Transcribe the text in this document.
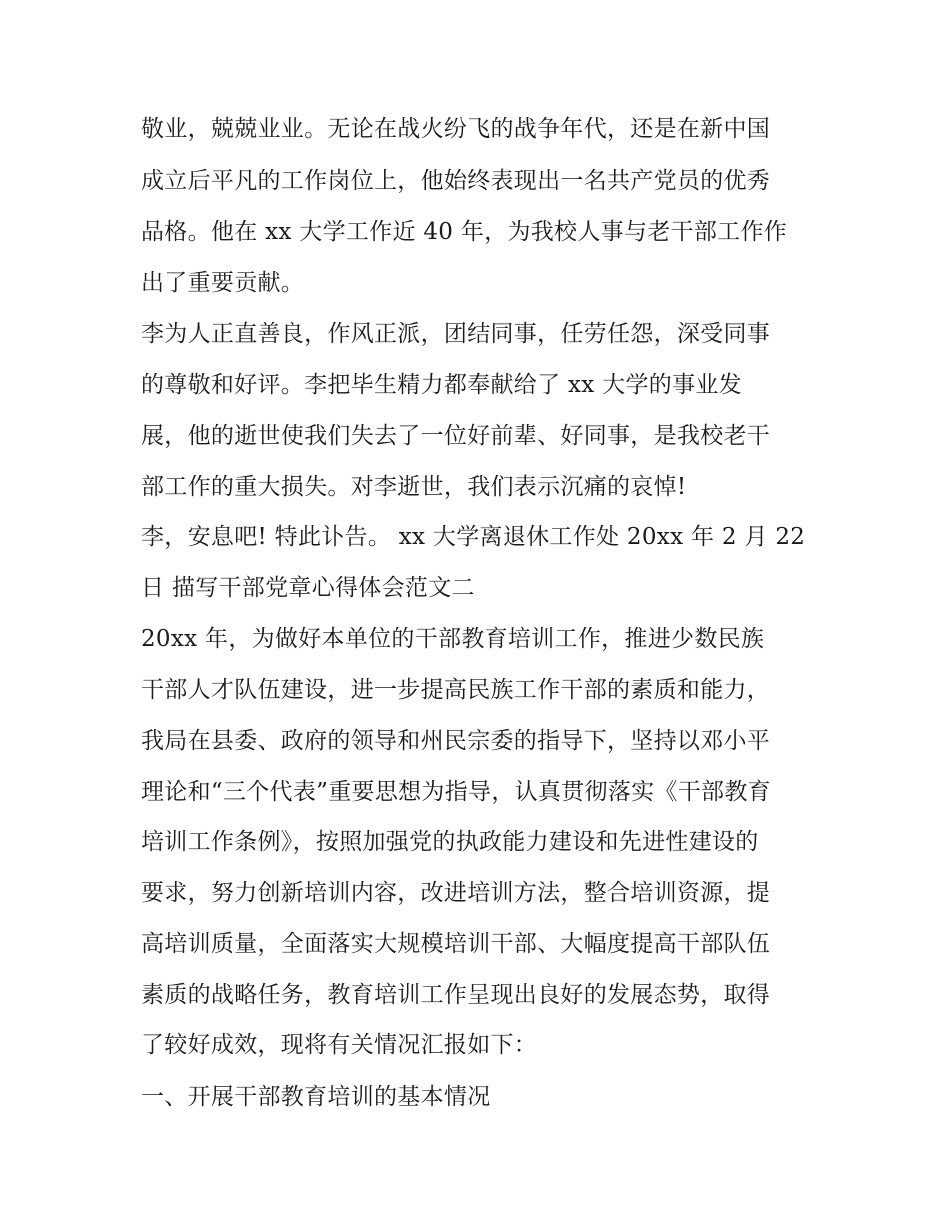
敬业，兢兢业业。无论在战火纷飞的战争年代，还是在新中国
成立后平凡的工作岗位上，他始终表现出一名共产党员的优秀
品格。他在 xx 大学工作近 40 年，为我校人事与老干部工作作
出了重要贡献。
李为人正直善良，作风正派，团结同事，任劳任怨，深受同事
的尊敬和好评。李把毕生精力都奉献给了 xx 大学的事业发
展，他的逝世使我们失去了一位好前辈、好同事，是我校老干
部工作的重大损失。对李逝世，我们表示沉痛的哀悼!
李，安息吧! 特此讣告。 xx 大学离退休工作处 20xx 年 2 月 22
日 描写干部党章心得体会范文二
20xx 年，为做好本单位的干部教育培训工作，推进少数民族
干部人才队伍建设，进一步提高民族工作干部的素质和能力，
我局在县委、政府的领导和州民宗委的指导下，坚持以邓小平
理论和“三个代表”重要思想为指导，认真贯彻落实《干部教育
培训工作条例》，按照加强党的执政能力建设和先进性建设的
要求，努力创新培训内容，改进培训方法，整合培训资源，提
高培训质量，全面落实大规模培训干部、大幅度提高干部队伍
素质的战略任务，教育培训工作呈现出良好的发展态势，取得
了较好成效，现将有关情况汇报如下：
一、开展干部教育培训的基本情况
